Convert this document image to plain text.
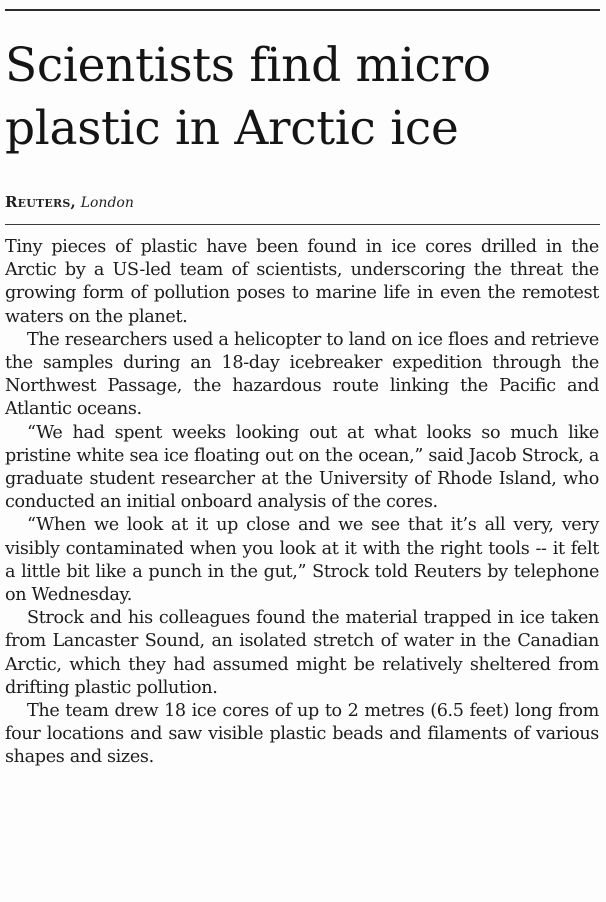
Scientists find micro plastic in Arctic ice
Reuters, London

Tiny pieces of plastic have been found in ice cores drilled in the Arctic by a US-led team of scientists, underscoring the threat the growing form of pollution poses to marine life in even the remotest waters on the planet.

The researchers used a helicopter to land on ice floes and retrieve the samples during an 18-day icebreaker expedition through the Northwest Passage, the hazardous route linking the Pacific and Atlantic oceans.

“We had spent weeks looking out at what looks so much like pristine white sea ice floating out on the ocean,” said Jacob Strock, a graduate student researcher at the University of Rhode Island, who conducted an initial onboard analysis of the cores.

“When we look at it up close and we see that it’s all very, very visibly contaminated when you look at it with the right tools -- it felt a little bit like a punch in the gut,” Strock told Reuters by telephone on Wednesday.

Strock and his colleagues found the material trapped in ice taken from Lancaster Sound, an isolated stretch of water in the Canadian Arctic, which they had assumed might be relatively sheltered from drifting plastic pollution.

The team drew 18 ice cores of up to 2 metres (6.5 feet) long from four locations and saw visible plastic beads and filaments of various shapes and sizes.
